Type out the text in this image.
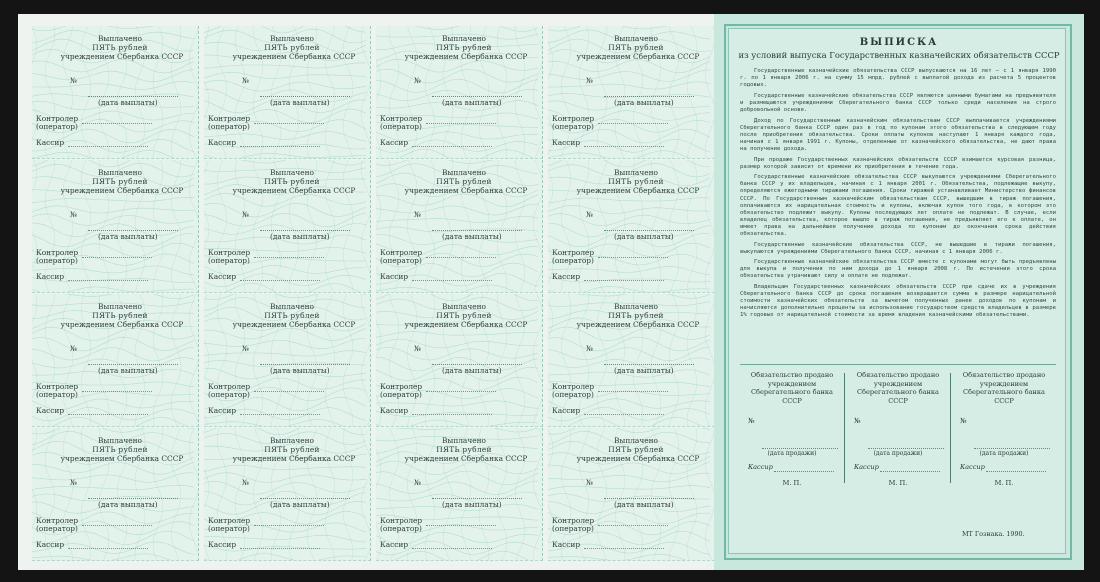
Выплачено
ПЯТЬ рублей
учреждением Сбербанка СССР
№
(дата выплаты)
Контролер
(оператор)
Кассир
Выплачено
ПЯТЬ рублей
учреждением Сбербанка СССР
№
(дата выплаты)
Контролер
(оператор)
Кассир
Выплачено
ПЯТЬ рублей
учреждением Сбербанка СССР
№
(дата выплаты)
Контролер
(оператор)
Кассир
Выплачено
ПЯТЬ рублей
учреждением Сбербанка СССР
№
(дата выплаты)
Контролер
(оператор)
Кассир
Выплачено
ПЯТЬ рублей
учреждением Сбербанка СССР
№
(дата выплаты)
Контролер
(оператор)
Кассир
Выплачено
ПЯТЬ рублей
учреждением Сбербанка СССР
№
(дата выплаты)
Контролер
(оператор)
Кассир
Выплачено
ПЯТЬ рублей
учреждением Сбербанка СССР
№
(дата выплаты)
Контролер
(оператор)
Кассир
Выплачено
ПЯТЬ рублей
учреждением Сбербанка СССР
№
(дата выплаты)
Контролер
(оператор)
Кассир
Выплачено
ПЯТЬ рублей
учреждением Сбербанка СССР
№
(дата выплаты)
Контролер
(оператор)
Кассир
Выплачено
ПЯТЬ рублей
учреждением Сбербанка СССР
№
(дата выплаты)
Контролер
(оператор)
Кассир
Выплачено
ПЯТЬ рублей
учреждением Сбербанка СССР
№
(дата выплаты)
Контролер
(оператор)
Кассир
Выплачено
ПЯТЬ рублей
учреждением Сбербанка СССР
№
(дата выплаты)
Контролер
(оператор)
Кассир
Выплачено
ПЯТЬ рублей
учреждением Сбербанка СССР
№
(дата выплаты)
Контролер
(оператор)
Кассир
Выплачено
ПЯТЬ рублей
учреждением Сбербанка СССР
№
(дата выплаты)
Контролер
(оператор)
Кассир
Выплачено
ПЯТЬ рублей
учреждением Сбербанка СССР
№
(дата выплаты)
Контролер
(оператор)
Кассир
Выплачено
ПЯТЬ рублей
учреждением Сбербанка СССР
№
(дата выплаты)
Контролер
(оператор)
Кассир
ВЫПИСКА
из условий выпуска Государственных казначейских обязательств СССР

Государственные казначейские обязательства СССР выпускаются на 16 лет — с 1 января 1990 г. по 1 января 2006 г. на сумму 15 млрд. рублей с выплатой дохода из расчета 5 процентов годовых.

Государственные казначейские обязательства СССР являются ценными бумагами на предъявителя и размещаются учреждениями Сберегательного банка СССР только среди населения на строго добровольной основе.

Доход по Государственным казначейским обязательствам СССР выплачивается учреждениями Сберегательного банка СССР один раз в год по купонам этого обязательства в следующем году после приобретения обязательства. Сроки оплаты купонов наступают 1 января каждого года, начиная с 1 января 1991 г. Купоны, отделенные от казначейского обязательства, не дают права на получение дохода.

При продаже Государственных казначейских обязательств СССР взимается курсовая разница, размер которой зависит от времени их приобретения в течение года.

Государственные казначейские обязательства СССР выкупаются учреждениями Сберегательного банка СССР у их владельцев, начиная с 1 января 2001 г. Обязательства, подлежащие выкупу, определяются ежегодными тиражами погашения. Сроки тиражей устанавливает Министерство финансов СССР. По Государственным казначейским обязательствам СССР, вышедшим в тираж погашения, оплачиваются их нарицательная стоимость и купоны, включая купон того года, в котором это обязательство подлежит выкупу. Купоны последующих лет оплате не подлежат. В случае, если владелец обязательства, которое вышло в тираж погашения, не предъявляет его к оплате, он имеет права на дальнейшее получение дохода по купонам до окончания срока действия обязательства.

Государственные казначейские обязательства СССР, не вышедшие в тиражи погашения, выкупаются учреждениями Сберегательного банка СССР, начиная с 1 января 2006 г.

Государственные казначейские обязательства СССР вместе с купонами могут быть предъявлены для выкупа и получения по ним дохода до 1 января 2008 г. По истечении этого срока обязательства утрачивают силу и оплате не подлежат.

Владельцам Государственных казначейских обязательств СССР при сдаче их в учреждения Сберегательного банка СССР до срока погашения возвращается сумма в размере нарицательной стоимости казначейских обязательств за вычетом полученных ранее доходов по купонам и начисляются дополнительно проценты за использование государством средств владельцев в размере 1% годовых от нарицательной стоимости за время владения казначейскими обязательствами.

Обязательство продано учреждением Сберегательного банка СССР
№
(дата продажи)
Кассир
М. П.
Обязательство продано учреждением Сберегательного банка СССР
№
(дата продажи)
Кассир
М. П.
Обязательство продано учреждением Сберегательного банка СССР
№
(дата продажи)
Кассир
М. П.
МТ Гознака. 1990.
